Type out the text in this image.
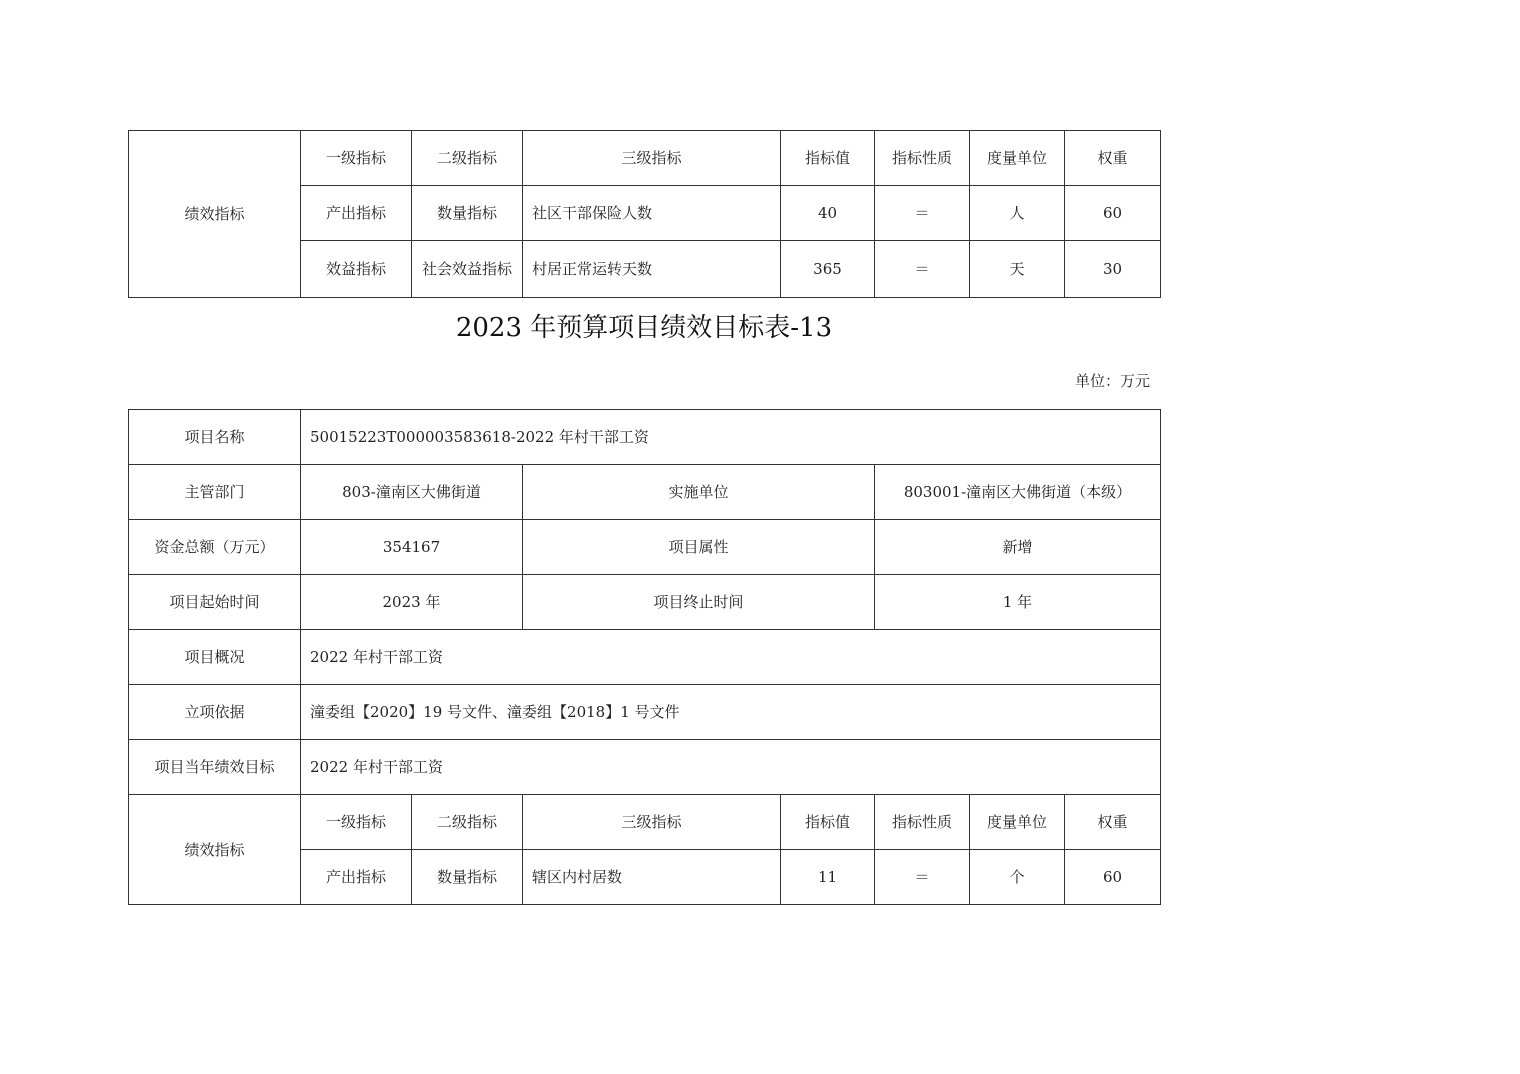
绩效指标	一级指标	二级指标	三级指标	指标值	指标性质	度量单位	权重
	产出指标	数量指标	社区干部保险人数	40	＝	人	60
	效益指标	社会效益指标	村居正常运转天数	365	＝	天	30
2023 年预算项目绩效目标表-13
单位：万元
项目名称	50015223T000003583618-2022 年村干部工资						
主管部门	803-潼南区大佛街道		实施单位		803001-潼南区大佛街道（本级）		
资金总额（万元）	354167		项目属性		新增		
项目起始时间	2023 年		项目终止时间		1 年		
项目概况	2022 年村干部工资						
立项依据	潼委组【2020】19 号文件、潼委组【2018】1 号文件						
项目当年绩效目标	2022 年村干部工资						
绩效指标	一级指标	二级指标	三级指标	指标值	指标性质	度量单位	权重
	产出指标	数量指标	辖区内村居数	11	＝	个	60
